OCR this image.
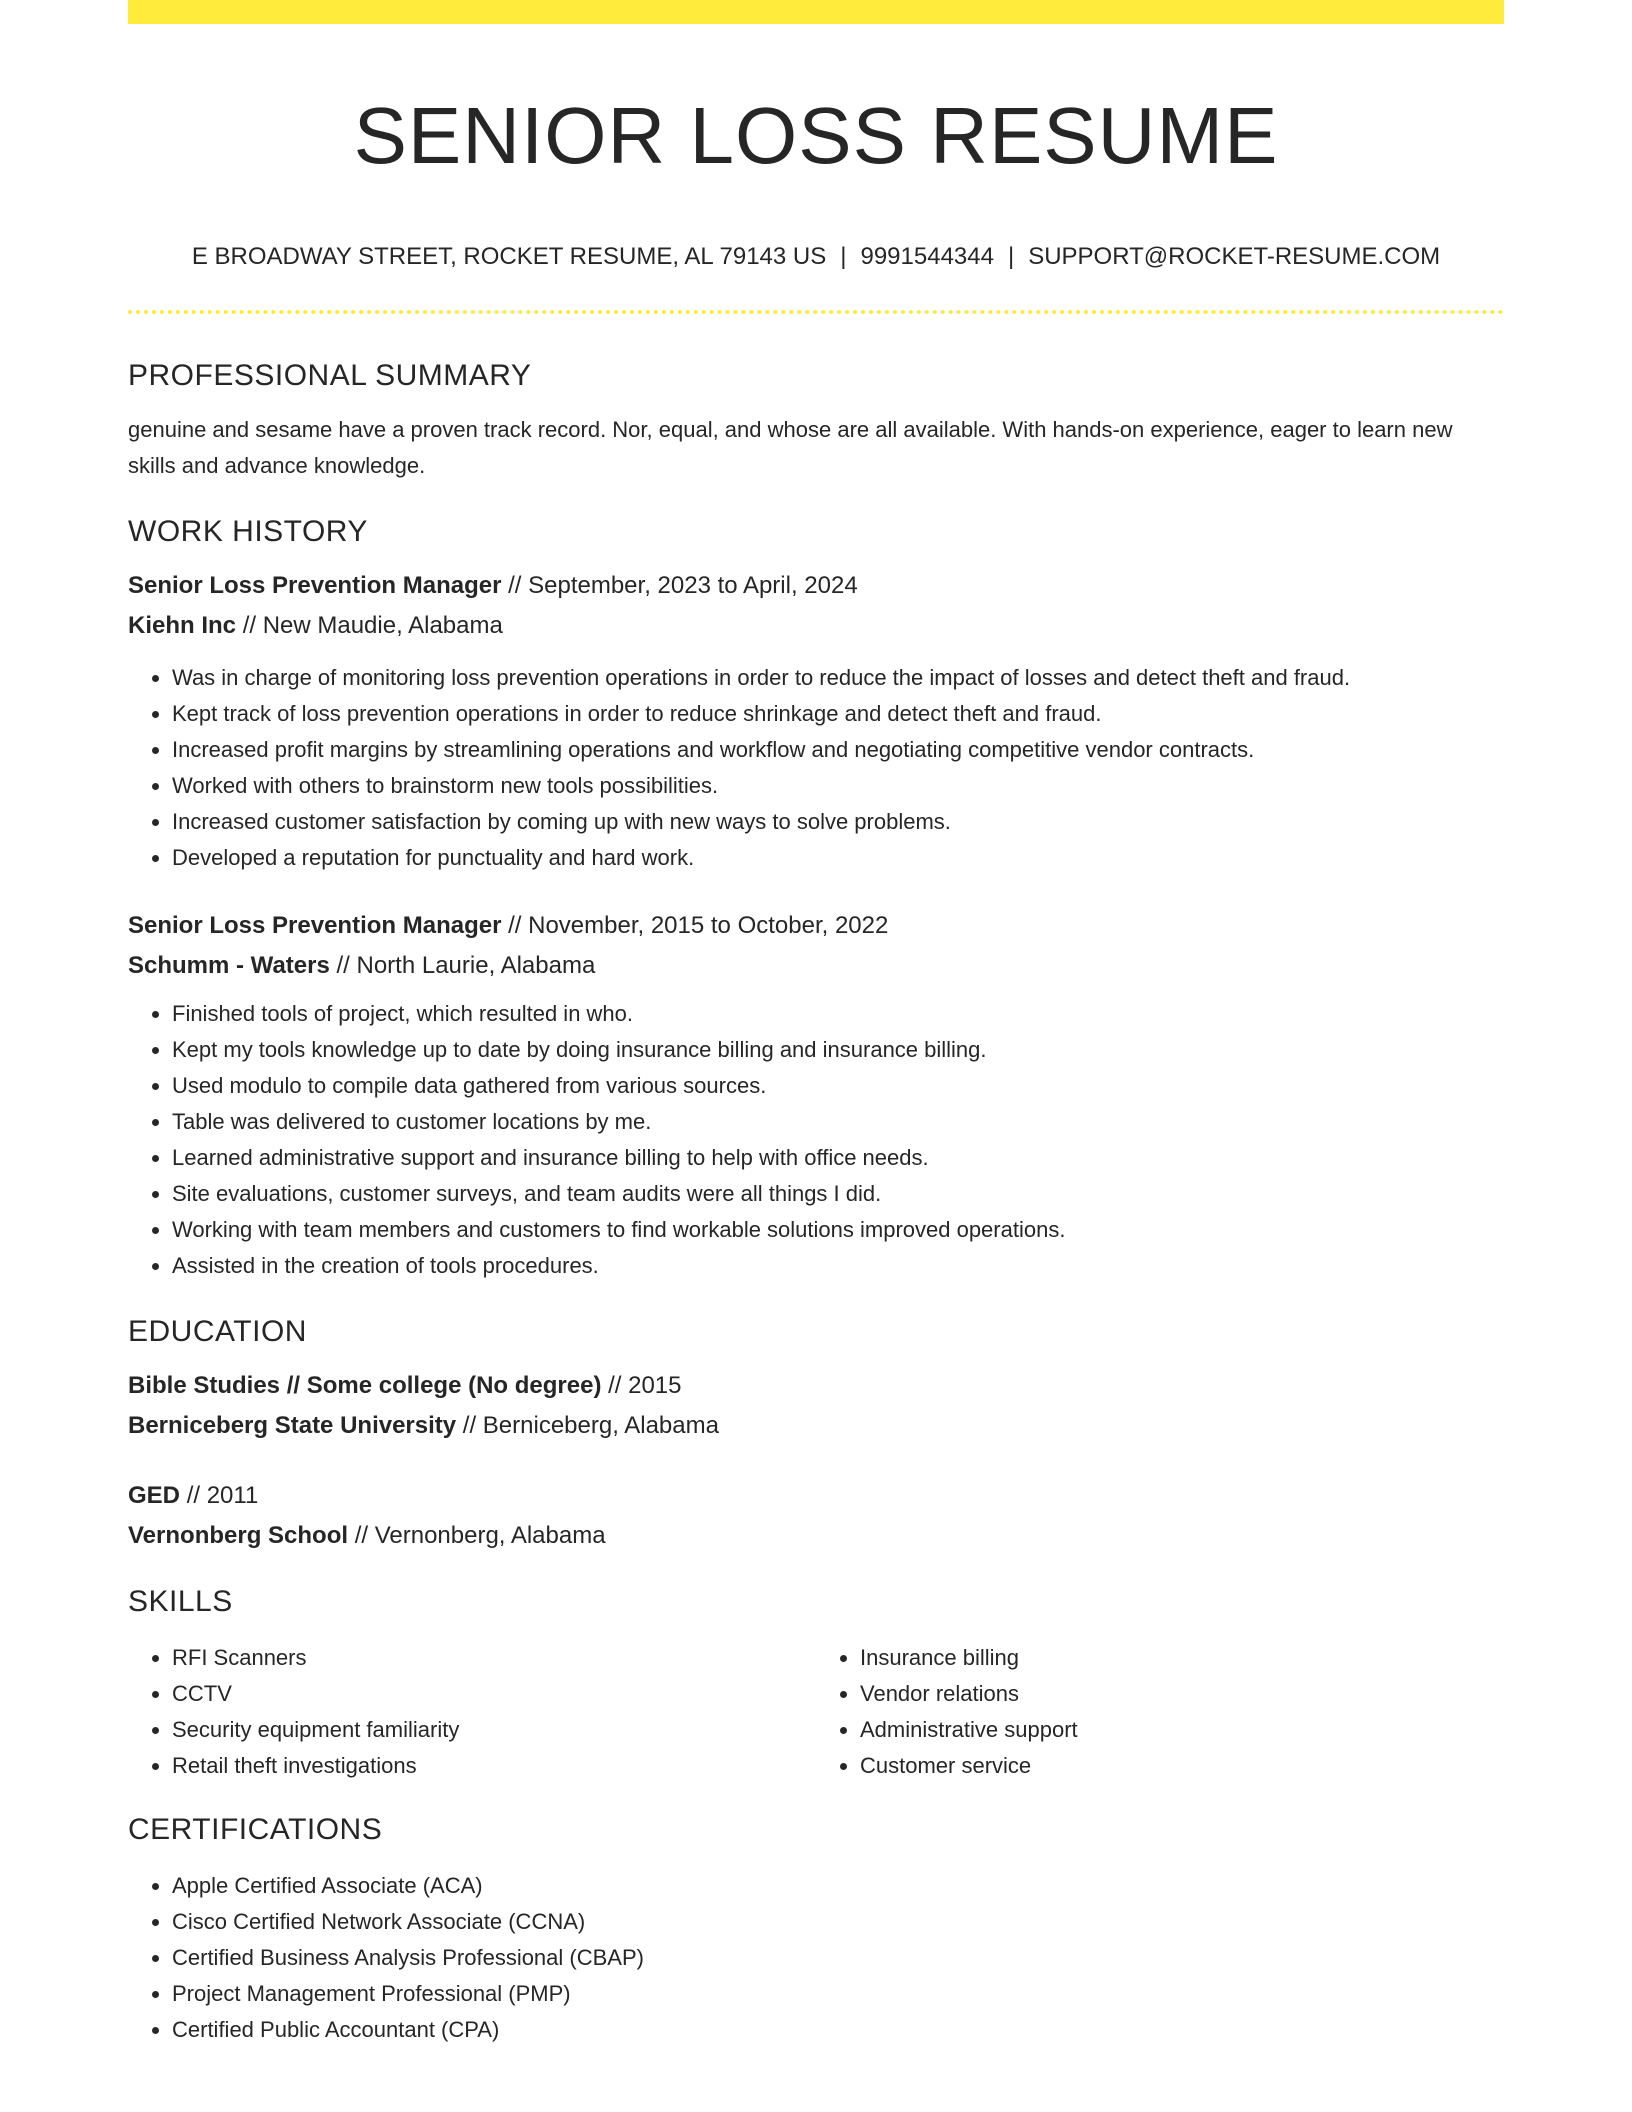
SENIOR LOSS RESUME
E BROADWAY STREET, ROCKET RESUME, AL 79143 US | 9991544344 | SUPPORT@ROCKET-RESUME.COM
PROFESSIONAL SUMMARY

genuine and sesame have a proven track record. Nor, equal, and whose are all available. With hands-on experience, eager to learn new skills and advance knowledge.

WORK HISTORY
Senior Loss Prevention Manager // September, 2023 to April, 2024
Kiehn Inc // New Maudie, Alabama
• Was in charge of monitoring loss prevention operations in order to reduce the impact of losses and detect theft and fraud.
• Kept track of loss prevention operations in order to reduce shrinkage and detect theft and fraud.
• Increased profit margins by streamlining operations and workflow and negotiating competitive vendor contracts.
• Worked with others to brainstorm new tools possibilities.
• Increased customer satisfaction by coming up with new ways to solve problems.
• Developed a reputation for punctuality and hard work.
Senior Loss Prevention Manager // November, 2015 to October, 2022
Schumm - Waters // North Laurie, Alabama
• Finished tools of project, which resulted in who.
• Kept my tools knowledge up to date by doing insurance billing and insurance billing.
• Used modulo to compile data gathered from various sources.
• Table was delivered to customer locations by me.
• Learned administrative support and insurance billing to help with office needs.
• Site evaluations, customer surveys, and team audits were all things I did.
• Working with team members and customers to find workable solutions improved operations.
• Assisted in the creation of tools procedures.
EDUCATION
Bible Studies // Some college (No degree) // 2015
Berniceberg State University // Berniceberg, Alabama
GED // 2011
Vernonberg School // Vernonberg, Alabama
SKILLS
• RFI Scanners
• CCTV
• Security equipment familiarity
• Retail theft investigations
• Insurance billing
• Vendor relations
• Administrative support
• Customer service
CERTIFICATIONS
• Apple Certified Associate (ACA)
• Cisco Certified Network Associate (CCNA)
• Certified Business Analysis Professional (CBAP)
• Project Management Professional (PMP)
• Certified Public Accountant (CPA)
